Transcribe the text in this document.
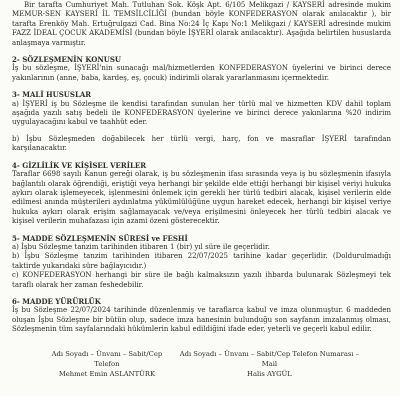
Bir tarafta Cumhuriyet Mah. Tutluhan Sok. Köşk Apt. 6/105 Melikgazi / KAYSERİ adresinde mukim MEMUR-SEN KAYSERİ İL TEMSİLCİLİĞİ (bundan böyle KONFEDERASYON olarak anılacaktır ), bir tarafta Erenköy Mah. Ertuğrulgazi Cad. Bina No:24 İç Kapı No:1 Melikgazi / KAYSERİ adresinde mukim FAZZ İDEAL ÇOCUK AKADEMİSİ (bundan böyle İŞYERİ olarak anılacaktır). Aşağıda belirtilen hususlarda anlaşmaya varmıştır.

2- SÖZLEŞMENİN KONUSU

İş bu sözleşme, İŞYERİ'nin sunacağı mal/hizmetlerden KONFEDERASYON üyelerini ve birinci derece yakınlarının (anne, baba, kardeş, eş, çocuk) indirimli olarak yararlanmasını içermektedir.

3- MALİ HUSUSLAR

a) İŞYERİ iş bu Sözleşme ile kendisi tarafından sunulan her türlü mal ve hizmetten KDV dahil toplam aşağıda yazılı satış bedeli ile KONFEDERASYON üyelerine ve birinci derece yakınlarına %20 indirim uygulayacağını kabul ve taahhüt eder.

b) İşbu Sözleşmeden doğabilecek her türlü vergi, harç, fon ve masraflar İŞYERİ tarafından karşılanacaktır.

4- GİZLİLİK VE KİŞİSEL VERİLER

Taraflar 6698 sayılı Kanun gereği olarak, iş bu sözleşmenin ifası sırasında veya iş bu sözleşmenin ifasıyla bağlantılı olarak öğrendiği, eriştiği veya herhangi bir şekilde elde ettiği herhangi bir kişisel veriyi hukuka aykırı olarak işlemeyecek, işlenmesini önlemek için gerekli her türlü tedbiri alacak, kişisel verilerin elde edilmesi anında müşterileri aydınlatma yükümlülüğüne uygun hareket edecek, herhangi bir kişisel veriye hukuka aykırı olarak erişim sağlamayacak ve/veya erişilmesini önleyecek her türlü tedbiri alacak ve kişisel verilerin muhafazası için azami özeni gösterecektir.

5- MADDE SÖZLEŞMENİN SÜRESİ ve FESHİ

a) İşbu Sözleşme tanzim tarihinden itibaren 1 (bir) yıl süre ile geçerlidir.

b) İşbu Sözleşme tanzim tarihinden itibaren 22/07/2025 tarihine kadar geçerlidir. (Doldurulmadığı taktirde yukarıdaki süre bağlayıcıdır.)

c) KONFEDERASYON herhangi bir süre ile bağlı kalmaksızın yazılı ihbarda bulunarak Sözleşmeyi tek taraflı olarak her zaman feshedebilir.

6- MADDE YÜRÜRLÜK

İş bu Sözleşme 22/07/2024 tarihinde düzenlenmiş ve taraflarca kabul ve imza olunmuştur. 6 maddeden oluşan İşbu Sözleşme bir bütün olup, sadece imza hanesinin bulunduğu son sayfanın imzalanmış olması, Sözleşmenin tüm sayfalarındaki hükümlerin kabul edildiğini ifade eder, yeterli ve geçerli kabul edilir.

Adı Soyadı – Ünvanı – Sabit/Cep Telefon
Mehmet Emin ASLANTÜRK
Adı Soyadı – Ünvanı – Sabit/Cep Telefon Numarası – Mail
Halis AYGÜL
